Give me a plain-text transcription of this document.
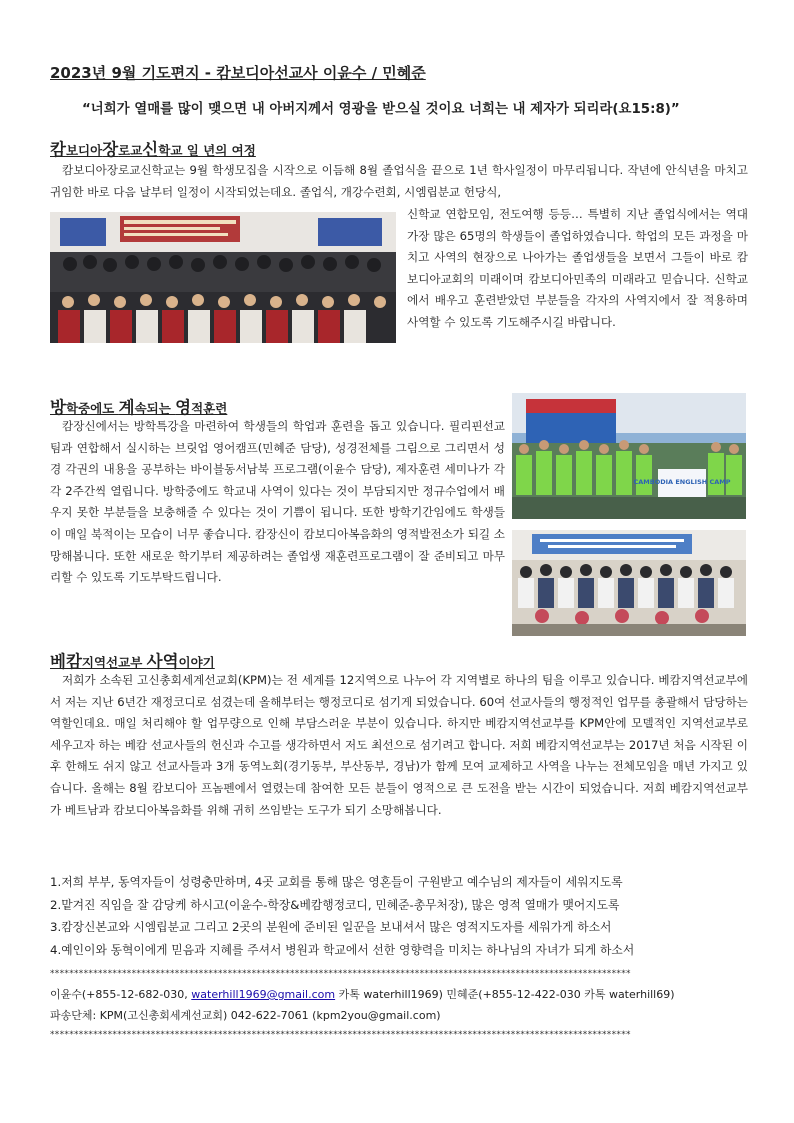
2023년 9월 기도편지 - 캄보디아선교사 이윤수 / 민혜준
“너희가 열매를 많이 맺으면 내 아버지께서 영광을 받으실 것이요 너희는 내 제자가 되리라(요15:8)”
캄보디아장로교신학교 일 년의 여정

캄보디아장로교신학교는 9월 학생모집을 시작으로 이듬해 8월 졸업식을 끝으로 1년 학사일정이 마무리됩니다. 작년에 안식년을 마치고 귀임한 바로 다음 날부터 일정이 시작되었는데요. 졸업식, 개강수련회, 시엠립분교 헌당식,

신학교 연합모임, 전도여행 등등… 특별히 지난 졸업식에서는 역대 가장 많은 65명의 학생들이 졸업하였습니다. 학업의 모든 과정을 마치고 사역의 현장으로 나아가는 졸업생들을 보면서 그들이 바로 캄보디아교회의 미래이며 캄보디아민족의 미래라고 믿습니다. 신학교에서 배우고 훈련받았던 부분들을 각자의 사역지에서 잘 적용하며 사역할 수 있도록 기도해주시길 바랍니다.

방학중에도 계속되는 영적훈련

캄장신에서는 방학특강을 마련하여 학생들의 학업과 훈련을 돕고 있습니다. 필리핀선교팀과 연합해서 실시하는 브릿업 영어캠프(민혜준 담당), 성경전체를 그림으로 그리면서 성경 각권의 내용을 공부하는 바이블동서남북 프로그램(이윤수 담당), 제자훈련 세미나가 각각 2주간씩 열립니다. 방학중에도 학교내 사역이 있다는 것이 부담되지만 정규수업에서 배우지 못한 부분들을 보충해줄 수 있다는 것이 기쁨이 됩니다. 또한 방학기간임에도 학생들이 매일 북적이는 모습이 너무 좋습니다. 캄장신이 캄보디아복음화의 영적발전소가 되길 소망해봅니다. 또한 새로운 학기부터 제공하려는 졸업생 재훈련프로그램이 잘 준비되고 마무리할 수 있도록 기도부탁드립니다.

CAMBODIA ENGLISH CAMP
베캄지역선교부 사역이야기

저희가 소속된 고신총회세계선교회(KPM)는 전 세계를 12지역으로 나누어 각 지역별로 하나의 팀을 이루고 있습니다. 베캄지역선교부에서 저는 지난 6년간 재정코디로 섬겼는데 올해부터는 행정코디로 섬기게 되었습니다. 60여 선교사들의 행정적인 업무를 총괄해서 담당하는 역할인데요. 매일 처리해야 할 업무량으로 인해 부담스러운 부분이 있습니다. 하지만 베캄지역선교부를 KPM안에 모델적인 지역선교부로 세우고자 하는 베캄 선교사들의 헌신과 수고를 생각하면서 저도 최선으로 섬기려고 합니다. 저희 베캄지역선교부는 2017년 처음 시작된 이후 한해도 쉬지 않고 선교사들과 3개 동역노회(경기동부, 부산동부, 경남)가 함께 모여 교제하고 사역을 나누는 전체모임을 매년 가지고 있습니다. 올해는 8월 캄보디아 프놈펜에서 열렸는데 참여한 모든 분들이 영적으로 큰 도전을 받는 시간이 되었습니다. 저희 베캄지역선교부가 베트남과 캄보디아복음화를 위해 귀히 쓰임받는 도구가 되기 소망해봅니다.

1.저희 부부, 동역자들이 성령충만하며, 4곳 교회를 통해 많은 영혼들이 구원받고 예수님의 제자들이 세워지도록
2.맡겨진 직임을 잘 감당케 하시고(이윤수-학장&베캄행정코디, 민혜준-총무처장), 많은 영적 열매가 맺어지도록
3.캄장신본교와 시엠립분교 그리고 2곳의 분원에 준비된 일꾼을 보내셔서 많은 영적지도자를 세워가게 하소서
4.예인이와 동혁이에게 믿음과 지혜를 주셔서 병원과 학교에서 선한 영향력을 미치는 하나님의 자녀가 되게 하소서
*************************************************************************************************************************
이윤수(+855-12-682-030, waterhill1969@gmail.com 카톡 waterhill1969) 민혜준(+855-12-422-030 카톡 waterhill69)
파송단체: KPM(고신총회세계선교회) 042-622-7061 (kpm2you@gmail.com)
*************************************************************************************************************************
